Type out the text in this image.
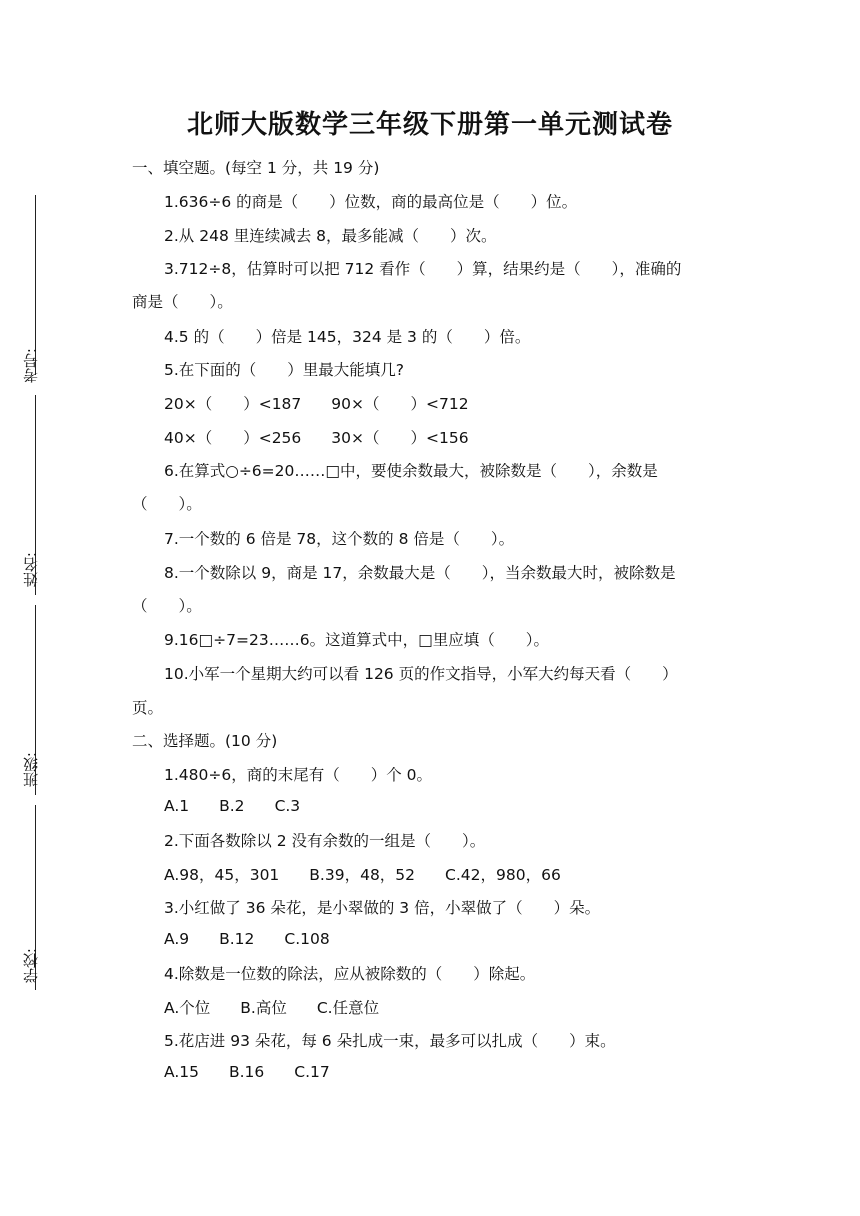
考号:
姓名:
班级:
学校:
北师大版数学三年级下册第一单元测试卷
一、填空题。(每空 1 分，共 19 分)
1.636÷6 的商是（　　）位数，商的最高位是（　　）位。
2.从 248 里连续减去 8，最多能减（　　）次。
3.712÷8，估算时可以把 712 看作（　　）算，结果约是（　　），准确的
商是（　　）。
4.5 的（　　）倍是 145，324 是 3 的（　　）倍。
5.在下面的（　　）里最大能填几?
20×（　　）<187 90×（　　）<712
40×（　　）<256 30×（　　）<156
6.在算式○÷6=20……□中，要使余数最大，被除数是（　　），余数是
（　　）。
7.一个数的 6 倍是 78，这个数的 8 倍是（　　）。
8.一个数除以 9，商是 17，余数最大是（　　），当余数最大时，被除数是
（　　）。
9.16□÷7=23……6。这道算式中，□里应填（　　）。
10.小军一个星期大约可以看 126 页的作文指导，小军大约每天看（　　）
页。
二、选择题。(10 分)
1.480÷6，商的末尾有（　　）个 0。
A.1 B.2 C.3
2.下面各数除以 2 没有余数的一组是（　　）。
A.98，45，301 B.39，48，52 C.42，980，66
3.小红做了 36 朵花，是小翠做的 3 倍，小翠做了（　　）朵。
A.9 B.12 C.108
4.除数是一位数的除法，应从被除数的（　　）除起。
A.个位 B.高位 C.任意位
5.花店进 93 朵花，每 6 朵扎成一束，最多可以扎成（　　）束。
A.15 B.16 C.17
